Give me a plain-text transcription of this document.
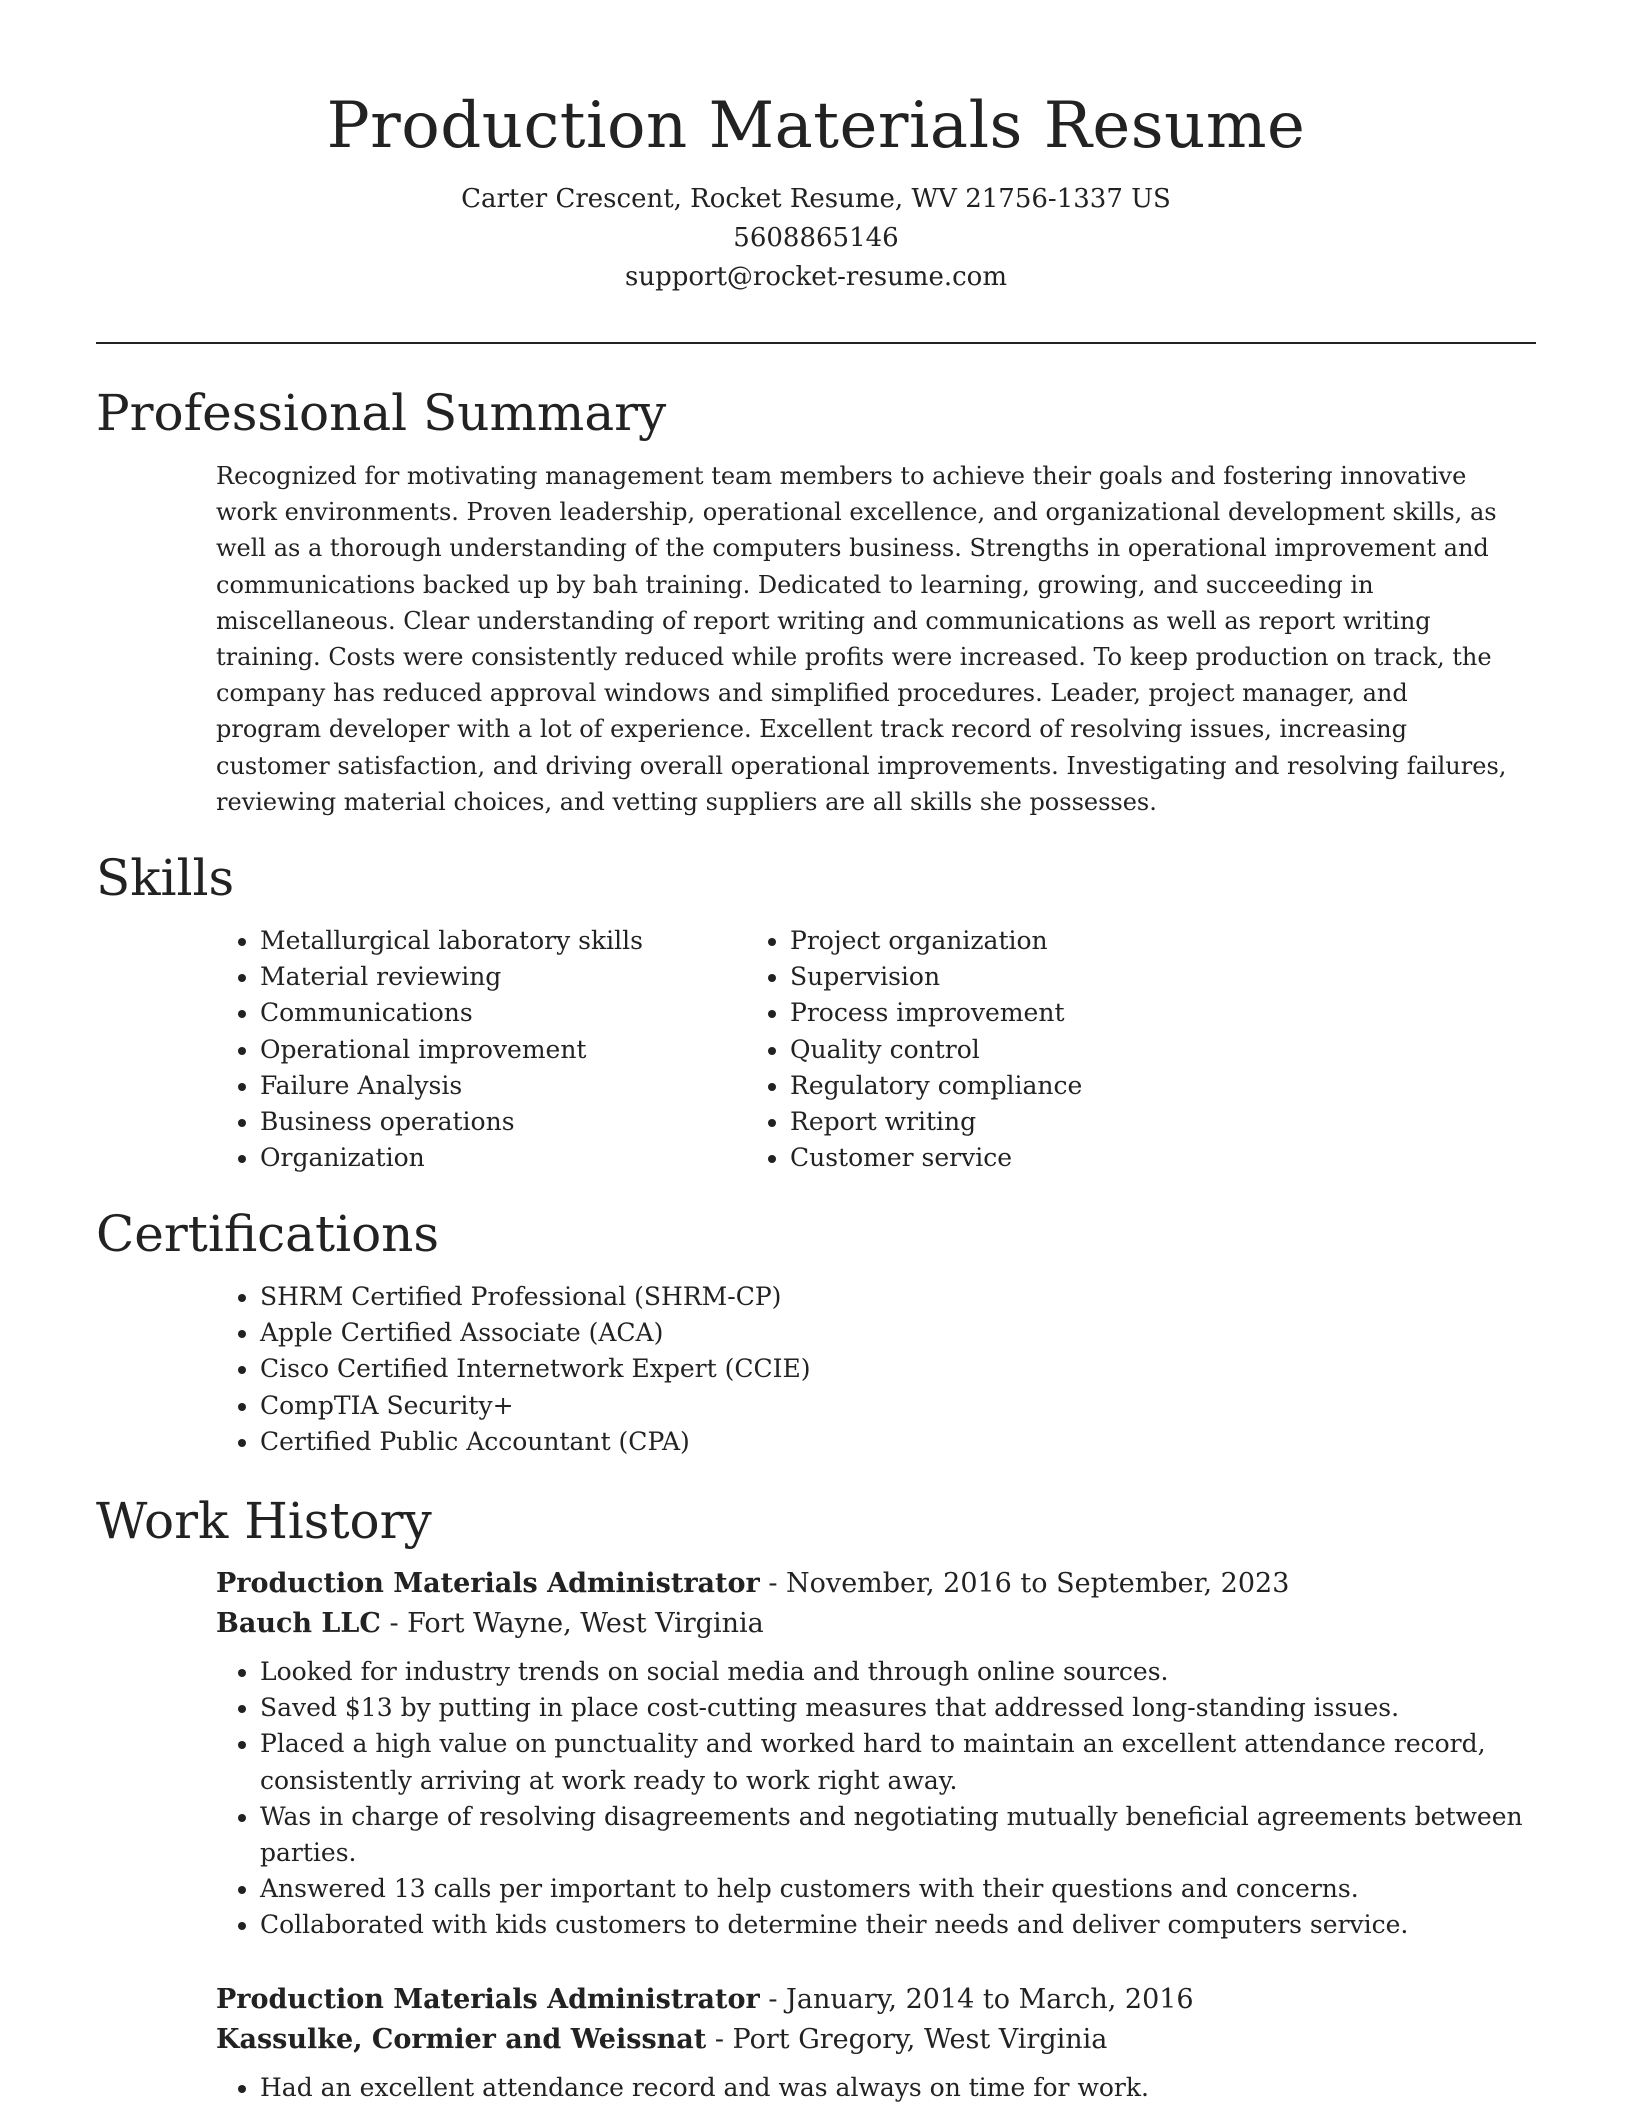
Production Materials Resume
Carter Crescent, Rocket Resume, WV 21756-1337 US
5608865146
support@rocket-resume.com
Professional Summary

Recognized for motivating management team members to achieve their goals and fostering innovative work environments. Proven leadership, operational excellence, and organizational development skills, as well as a thorough understanding of the computers business. Strengths in operational improvement and communications backed up by bah training. Dedicated to learning, growing, and succeeding in miscellaneous. Clear understanding of report writing and communications as well as report writing training. Costs were consistently reduced while profits were increased. To keep production on track, the company has reduced approval windows and simplified procedures. Leader, project manager, and program developer with a lot of experience. Excellent track record of resolving issues, increasing customer satisfaction, and driving overall operational improvements. Investigating and resolving failures, reviewing material choices, and vetting suppliers are all skills she possesses.

Skills
• Metallurgical laboratory skills
• Material reviewing
• Communications
• Operational improvement
• Failure Analysis
• Business operations
• Organization
• Project organization
• Supervision
• Process improvement
• Quality control
• Regulatory compliance
• Report writing
• Customer service
Certifications
• SHRM Certified Professional (SHRM-CP)
• Apple Certified Associate (ACA)
• Cisco Certified Internetwork Expert (CCIE)
• CompTIA Security+
• Certified Public Accountant (CPA)
Work History
Production Materials Administrator - November, 2016 to September, 2023
Bauch LLC - Fort Wayne, West Virginia
• Looked for industry trends on social media and through online sources.
• Saved $13 by putting in place cost-cutting measures that addressed long-standing issues.
• Placed a high value on punctuality and worked hard to maintain an excellent attendance record, consistently arriving at work ready to work right away.
• Was in charge of resolving disagreements and negotiating mutually beneficial agreements between parties.
• Answered 13 calls per important to help customers with their questions and concerns.
• Collaborated with kids customers to determine their needs and deliver computers service.
Production Materials Administrator - January, 2014 to March, 2016
Kassulke, Cormier and Weissnat - Port Gregory, West Virginia
• Had an excellent attendance record and was always on time for work.
